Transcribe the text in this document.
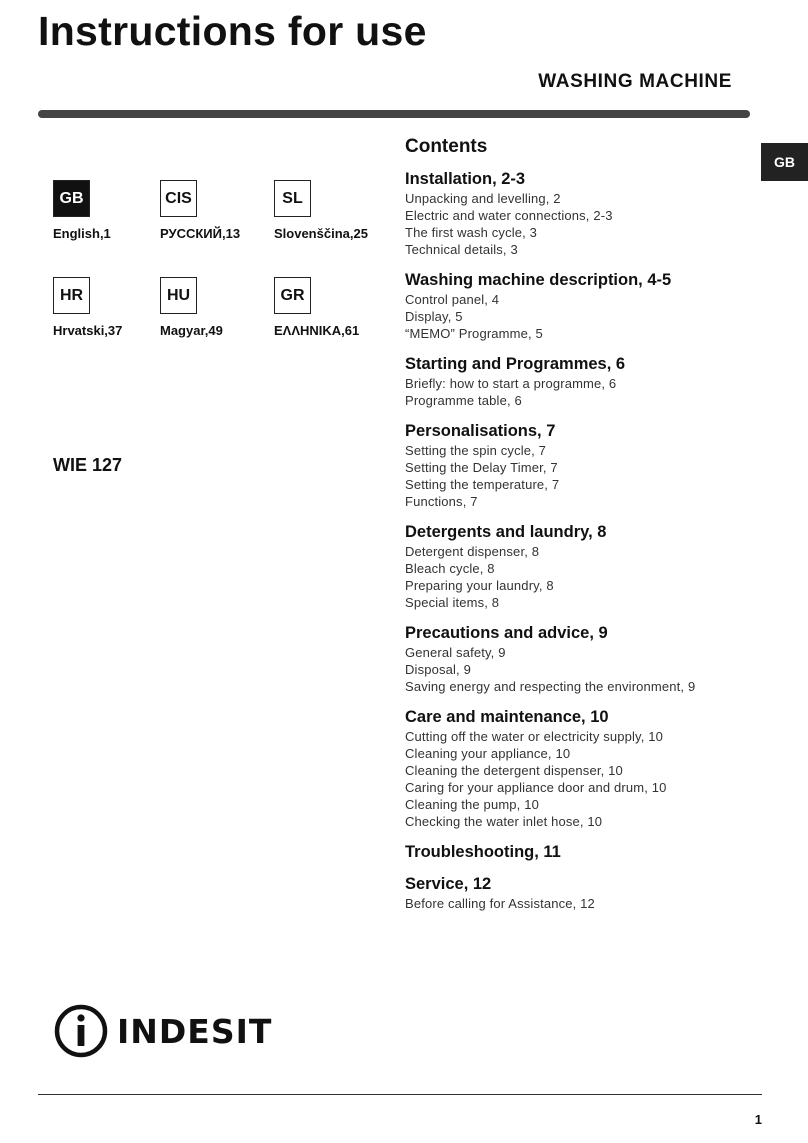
Instructions for use
WASHING MACHINE
GB
GB
English,1
CIS
РУССКИЙ,13
SL
Slovenščina,25
HR
Hrvatski,37
HU
Magyar,49
GR
ΕΛΛΗΝΙΚΑ,61
WIE 127
Contents
Installation, 2-3
Unpacking and levelling, 2
Electric and water connections, 2-3
The first wash cycle, 3
Technical details, 3
Washing machine description, 4-5
Control panel, 4
Display, 5
“MEMO” Programme, 5
Starting and Programmes, 6
Briefly: how to start a programme, 6
Programme table, 6
Personalisations, 7
Setting the spin cycle, 7
Setting the Delay Timer, 7
Setting the temperature, 7
Functions, 7
Detergents and laundry, 8
Detergent dispenser, 8
Bleach cycle, 8
Preparing your laundry, 8
Special items, 8
Precautions and advice, 9
General safety, 9
Disposal, 9
Saving energy and respecting the environment, 9
Care and maintenance, 10
Cutting off the water or electricity supply, 10
Cleaning your appliance, 10
Cleaning the detergent dispenser, 10
Caring for your appliance door and drum, 10
Cleaning the pump, 10
Checking the water inlet hose, 10
Troubleshooting, 11
Service, 12
Before calling for Assistance, 12
INDESIT
1
